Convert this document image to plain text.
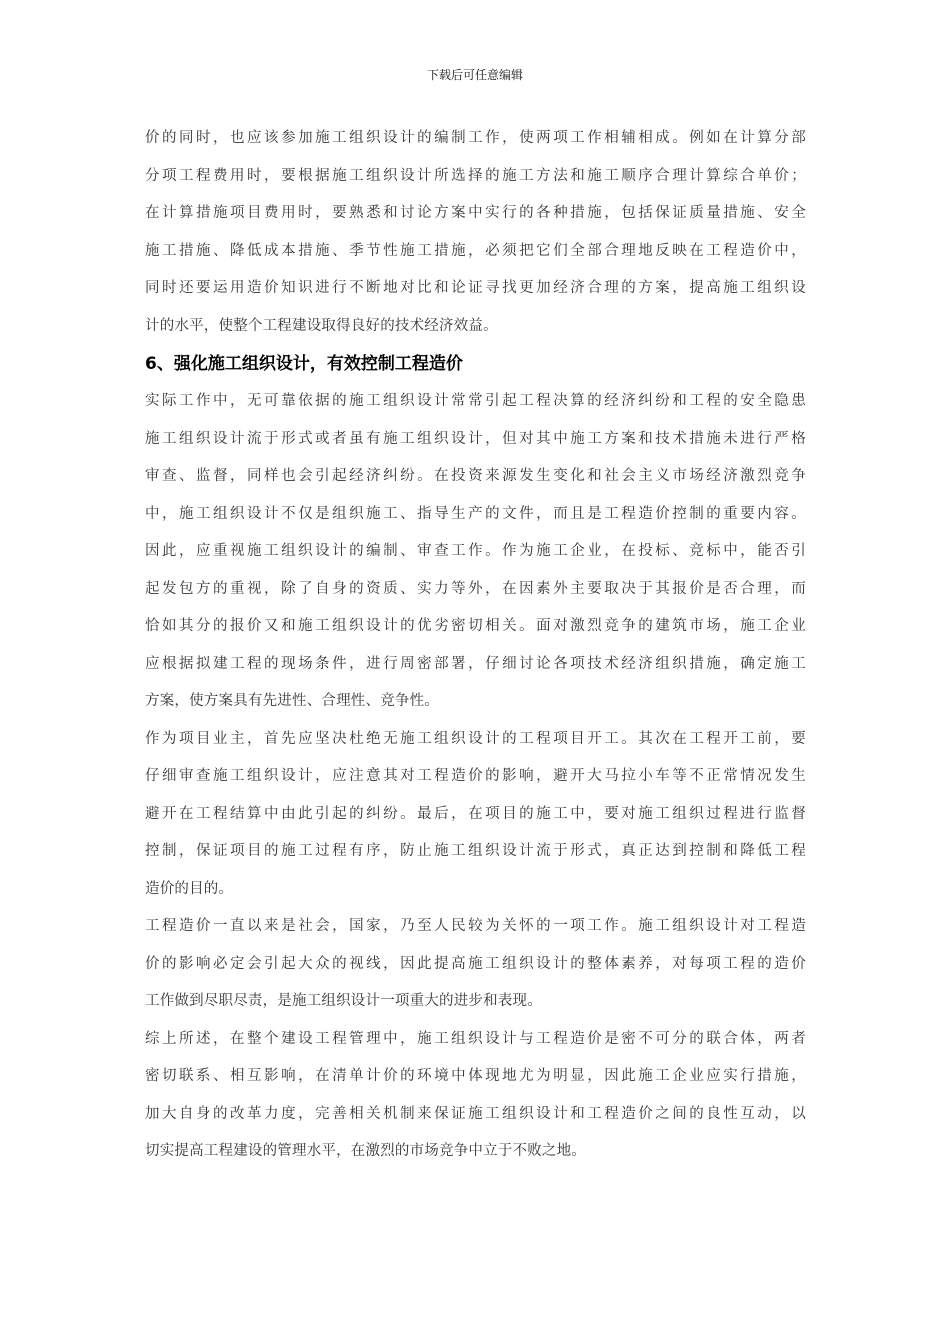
下载后可任意编辑
价的同时，也应该参加施工组织设计的编制工作，使两项工作相辅相成。例如在计算分部
分项工程费用时，要根据施工组织设计所选择的施工方法和施工顺序合理计算综合单价；
在计算措施项目费用时，要熟悉和讨论方案中实行的各种措施，包括保证质量措施、安全
施工措施、降低成本措施、季节性施工措施，必须把它们全部合理地反映在工程造价中，
同时还要运用造价知识进行不断地对比和论证寻找更加经济合理的方案，提高施工组织设
计的水平，使整个工程建设取得良好的技术经济效益。
6、强化施工组织设计，有效控制工程造价
实际工作中，无可靠依据的施工组织设计常常引起工程决算的经济纠纷和工程的安全隐患
施工组织设计流于形式或者虽有施工组织设计，但对其中施工方案和技术措施未进行严格
审查、监督，同样也会引起经济纠纷。在投资来源发生变化和社会主义市场经济激烈竞争
中，施工组织设计不仅是组织施工、指导生产的文件，而且是工程造价控制的重要内容。
因此，应重视施工组织设计的编制、审查工作。作为施工企业，在投标、竞标中，能否引
起发包方的重视，除了自身的资质、实力等外，在因素外主要取决于其报价是否合理，而
恰如其分的报价又和施工组织设计的优劣密切相关。面对激烈竞争的建筑市场，施工企业
应根据拟建工程的现场条件，进行周密部署，仔细讨论各项技术经济组织措施，确定施工
方案，使方案具有先进性、合理性、竞争性。
作为项目业主，首先应坚决杜绝无施工组织设计的工程项目开工。其次在工程开工前，要
仔细审查施工组织设计，应注意其对工程造价的影响，避开大马拉小车等不正常情况发生
避开在工程结算中由此引起的纠纷。最后，在项目的施工中，要对施工组织过程进行监督
控制，保证项目的施工过程有序，防止施工组织设计流于形式，真正达到控制和降低工程
造价的目的。
工程造价一直以来是社会，国家，乃至人民较为关怀的一项工作。施工组织设计对工程造
价的影响必定会引起大众的视线，因此提高施工组织设计的整体素养，对每项工程的造价
工作做到尽职尽责，是施工组织设计一项重大的进步和表现。
综上所述，在整个建设工程管理中，施工组织设计与工程造价是密不可分的联合体，两者
密切联系、相互影响，在清单计价的环境中体现地尤为明显，因此施工企业应实行措施，
加大自身的改革力度，完善相关机制来保证施工组织设计和工程造价之间的良性互动，以
切实提高工程建设的管理水平，在激烈的市场竞争中立于不败之地。
